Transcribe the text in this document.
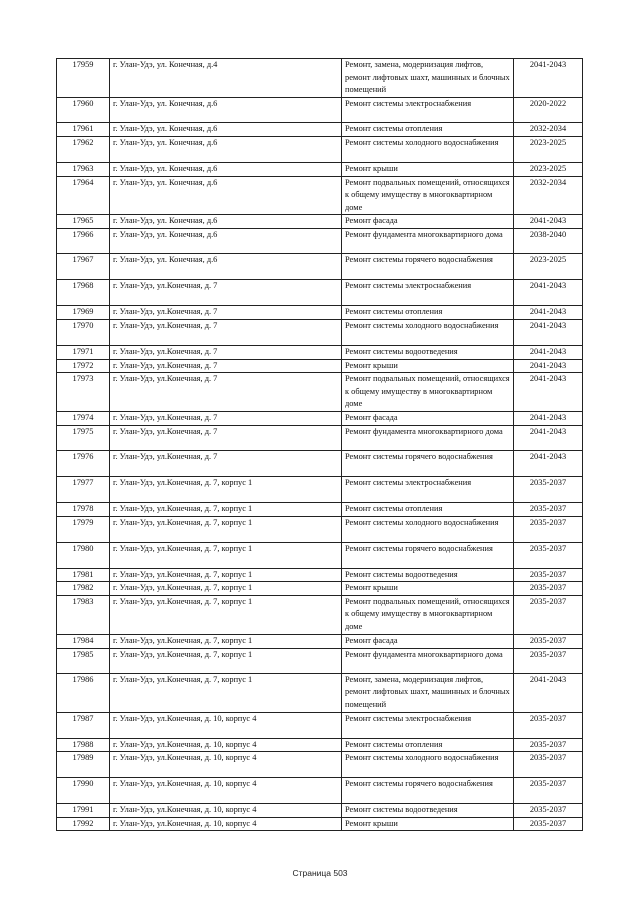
17959	г. Улан-Удэ, ул. Конечная, д.4	Ремонт, замена, модернизация лифтов, ремонт лифтовых шахт, машинных и блочных помещений	2041-2043
17960	г. Улан-Удэ, ул. Конечная, д.6	Ремонт системы электроснабжения	2020-2022
17961	г. Улан-Удэ, ул. Конечная, д.6	Ремонт системы отопления	2032-2034
17962	г. Улан-Удэ, ул. Конечная, д.6	Ремонт системы холодного водоснабжения	2023-2025
17963	г. Улан-Удэ, ул. Конечная, д.6	Ремонт крыши	2023-2025
17964	г. Улан-Удэ, ул. Конечная, д.6	Ремонт подвальных помещений, относящихся к общему имуществу в многоквартирном доме	2032-2034
17965	г. Улан-Удэ, ул. Конечная, д.6	Ремонт фасада	2041-2043
17966	г. Улан-Удэ, ул. Конечная, д.6	Ремонт фундамента многоквартирного дома	2038-2040
17967	г. Улан-Удэ, ул. Конечная, д.6	Ремонт системы горячего водоснабжения	2023-2025
17968	г. Улан-Удэ, ул.Конечная, д. 7	Ремонт системы электроснабжения	2041-2043
17969	г. Улан-Удэ, ул.Конечная, д. 7	Ремонт системы отопления	2041-2043
17970	г. Улан-Удэ, ул.Конечная, д. 7	Ремонт системы холодного водоснабжения	2041-2043
17971	г. Улан-Удэ, ул.Конечная, д. 7	Ремонт системы водоотведения	2041-2043
17972	г. Улан-Удэ, ул.Конечная, д. 7	Ремонт крыши	2041-2043
17973	г. Улан-Удэ, ул.Конечная, д. 7	Ремонт подвальных помещений, относящихся к общему имуществу в многоквартирном доме	2041-2043
17974	г. Улан-Удэ, ул.Конечная, д. 7	Ремонт фасада	2041-2043
17975	г. Улан-Удэ, ул.Конечная, д. 7	Ремонт фундамента многоквартирного дома	2041-2043
17976	г. Улан-Удэ, ул.Конечная, д. 7	Ремонт системы горячего водоснабжения	2041-2043
17977	г. Улан-Удэ, ул.Конечная, д. 7, корпус 1	Ремонт системы электроснабжения	2035-2037
17978	г. Улан-Удэ, ул.Конечная, д. 7, корпус 1	Ремонт системы отопления	2035-2037
17979	г. Улан-Удэ, ул.Конечная, д. 7, корпус 1	Ремонт системы холодного водоснабжения	2035-2037
17980	г. Улан-Удэ, ул.Конечная, д. 7, корпус 1	Ремонт системы горячего водоснабжения	2035-2037
17981	г. Улан-Удэ, ул.Конечная, д. 7, корпус 1	Ремонт системы водоотведения	2035-2037
17982	г. Улан-Удэ, ул.Конечная, д. 7, корпус 1	Ремонт крыши	2035-2037
17983	г. Улан-Удэ, ул.Конечная, д. 7, корпус 1	Ремонт подвальных помещений, относящихся к общему имуществу в многоквартирном доме	2035-2037
17984	г. Улан-Удэ, ул.Конечная, д. 7, корпус 1	Ремонт фасада	2035-2037
17985	г. Улан-Удэ, ул.Конечная, д. 7, корпус 1	Ремонт фундамента многоквартирного дома	2035-2037
17986	г. Улан-Удэ, ул.Конечная, д. 7, корпус 1	Ремонт, замена, модернизация лифтов, ремонт лифтовых шахт, машинных и блочных помещений	2041-2043
17987	г. Улан-Удэ, ул.Конечная, д. 10, корпус 4	Ремонт системы электроснабжения	2035-2037
17988	г. Улан-Удэ, ул.Конечная, д. 10, корпус 4	Ремонт системы отопления	2035-2037
17989	г. Улан-Удэ, ул.Конечная, д. 10, корпус 4	Ремонт системы холодного водоснабжения	2035-2037
17990	г. Улан-Удэ, ул.Конечная, д. 10, корпус 4	Ремонт системы горячего водоснабжения	2035-2037
17991	г. Улан-Удэ, ул.Конечная, д. 10, корпус 4	Ремонт системы водоотведения	2035-2037
17992	г. Улан-Удэ, ул.Конечная, д. 10, корпус 4	Ремонт крыши	2035-2037
Страница 503
